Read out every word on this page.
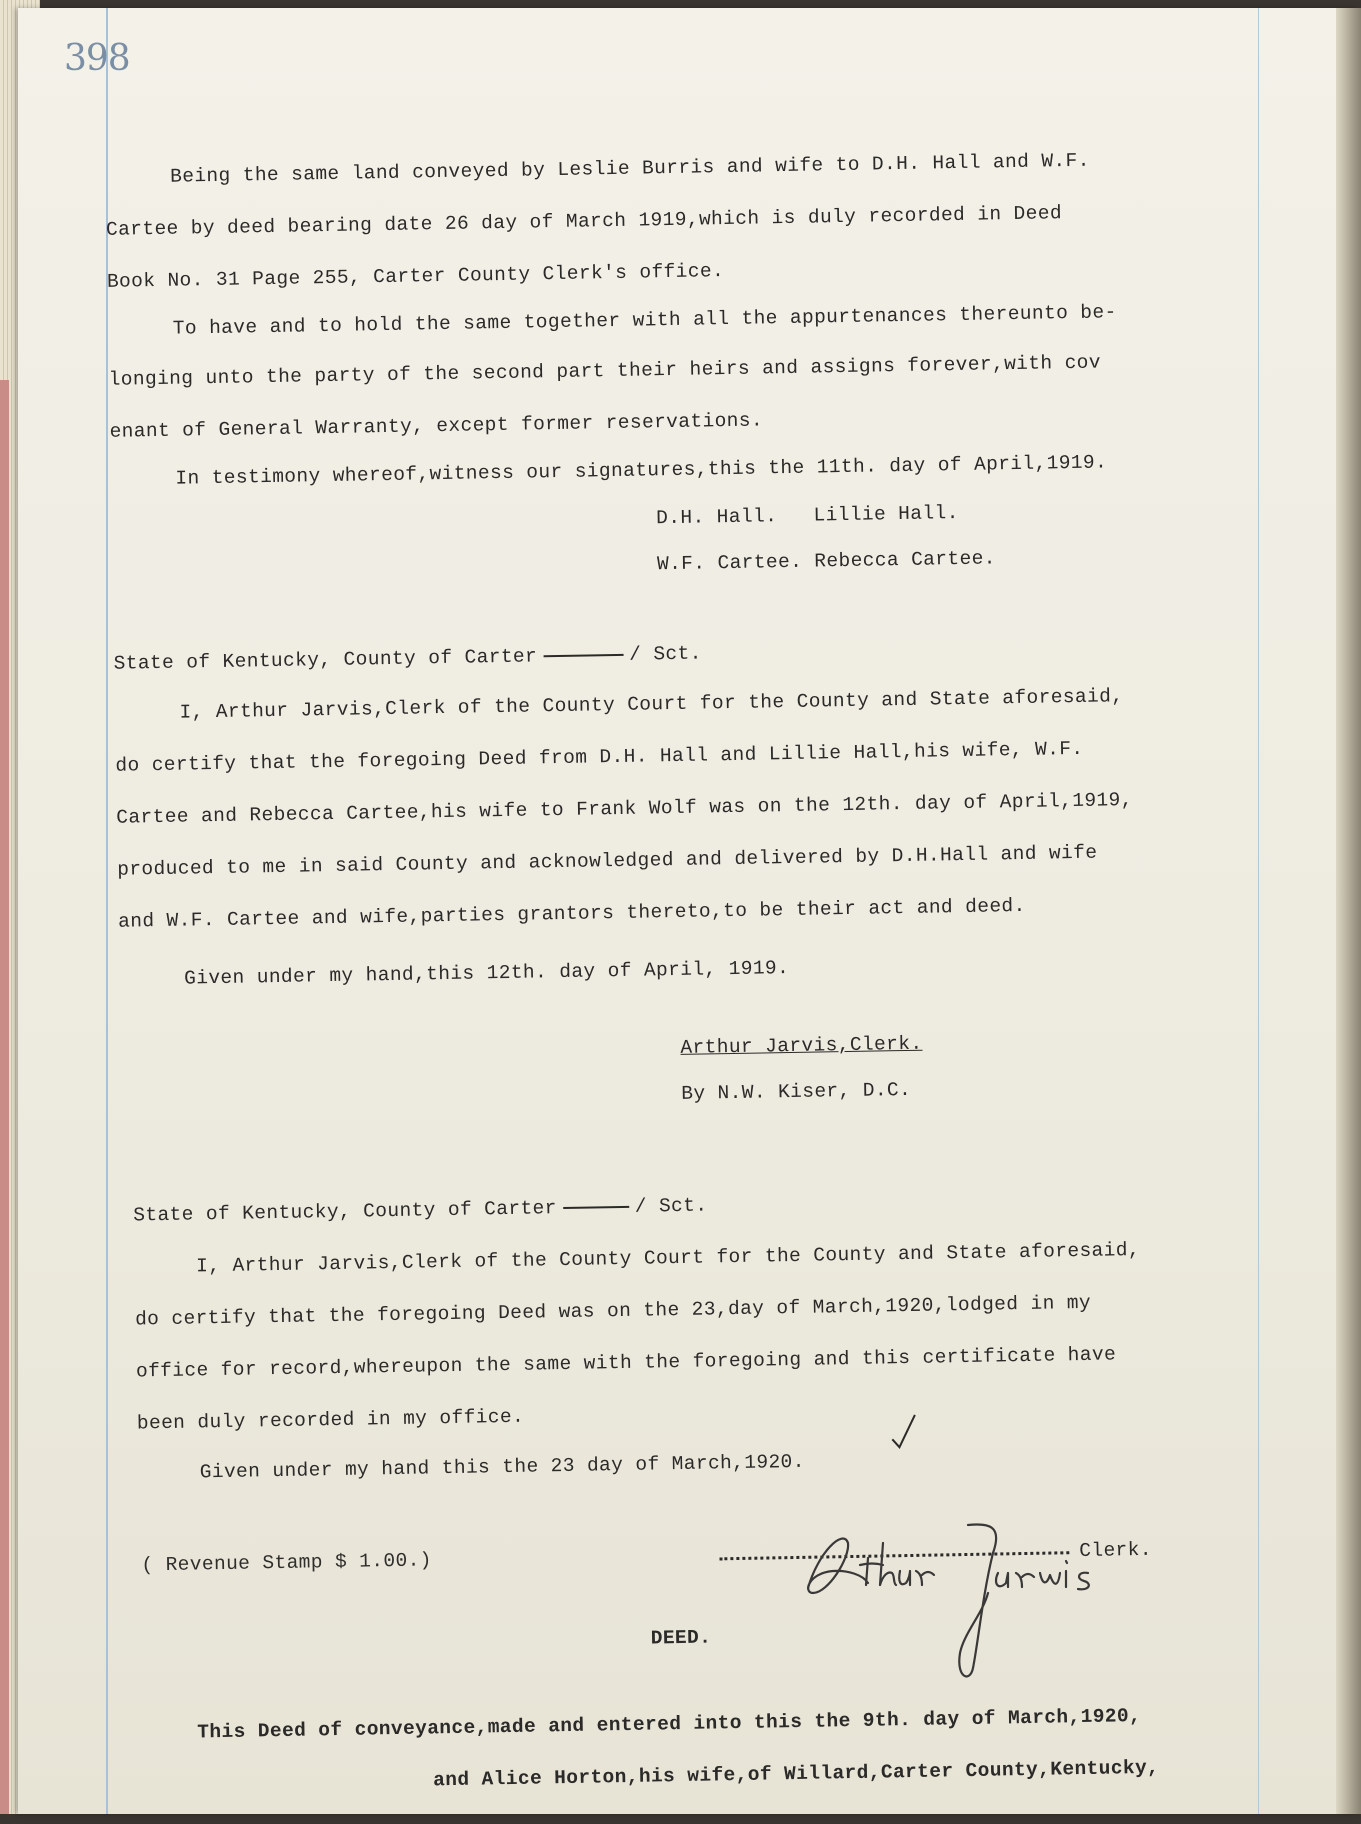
398
Being the same land conveyed by Leslie Burris and wife to D.H. Hall and W.F.
Cartee by deed bearing date 26 day of March 1919,which is duly recorded in Deed
Book No. 31 Page 255, Carter County Clerk's office.
To have and to hold the same together with all the appurtenances thereunto be-
longing unto the party of the second part their heirs and assigns forever,with cov
enant of General Warranty, except former reservations.
In testimony whereof,witness our signatures,this the 11th. day of April,1919.
D.H. Hall.   Lillie Hall.
W.F. Cartee. Rebecca Cartee.
State of Kentucky, County of Carter	/ Sct.
I, Arthur Jarvis,Clerk of the County Court for the County and State aforesaid,
do certify that the foregoing Deed from D.H. Hall and Lillie Hall,his wife, W.F.
Cartee and Rebecca Cartee,his wife to Frank Wolf was on the 12th. day of April,1919,
produced to me in said County and acknowledged and delivered by D.H.Hall and wife
and W.F. Cartee and wife,parties grantors thereto,to be their act and deed.
Given under my hand,this 12th. day of April, 1919.
Arthur Jarvis,Clerk.
By N.W. Kiser, D.C.
State of Kentucky, County of Carter	/ Sct.
I, Arthur Jarvis,Clerk of the County Court for the County and State aforesaid,
do certify that the foregoing Deed was on the 23,day of March,1920,lodged in my
office for record,whereupon the same with the foregoing and this certificate have
been duly recorded in my office.
Given under my hand this the 23 day of March,1920.
( Revenue Stamp $ 1.00.)	Clerk.
DEED.
This Deed of conveyance,made and entered into this the 9th. day of March,1920,
and Alice Horton,his wife,of Willard,Carter County,Kentucky,
